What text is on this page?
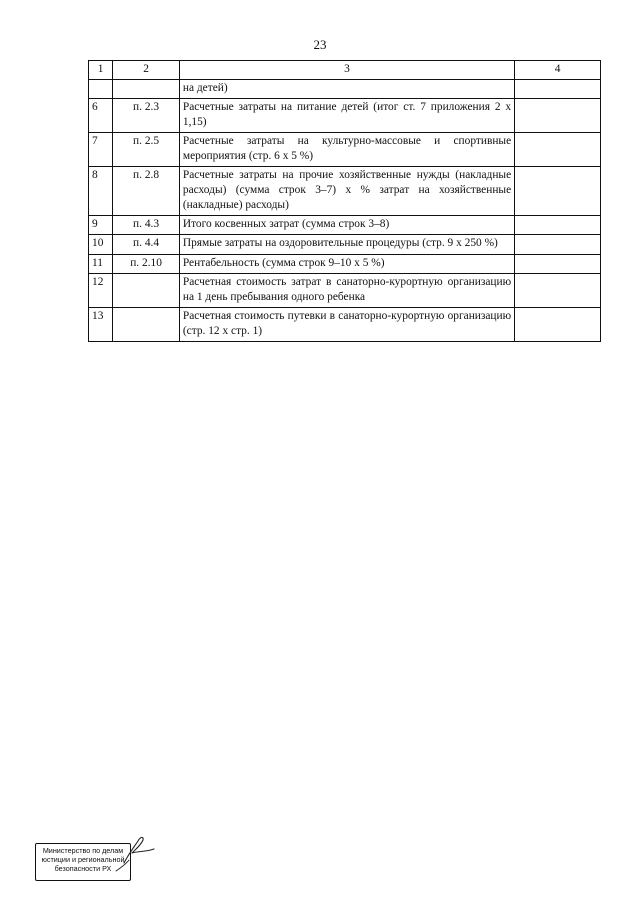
23
1	2	3	4
		на детей)	
6	п. 2.3	Расчетные затраты на питание детей (итог ст. 7 приложения 2 х 1,15)	
7	п. 2.5	Расчетные затраты на культурно-массовые и спортивные мероприятия (стр. 6 х 5 %)	
8	п. 2.8	Расчетные затраты на прочие хозяйственные нужды (накладные расходы) (сумма строк 3–7) х % затрат на хозяйственные (накладные) расходы)	
9	п. 4.3	Итого косвенных затрат (сумма строк 3–8)	
10	п. 4.4	Прямые затраты на оздоровительные процедуры (стр. 9 х 250 %)	
11	п. 2.10	Рентабельность (сумма строк 9–10 х 5 %)	
12		Расчетная стоимость затрат в санаторно-курортную организацию на 1 день пребывания одного ребенка	
13		Расчетная стоимость путевки в санаторно-курортную организацию (стр. 12 х стр. 1)	
Министерство по делам
юстиции и региональной
безопасности РХ
